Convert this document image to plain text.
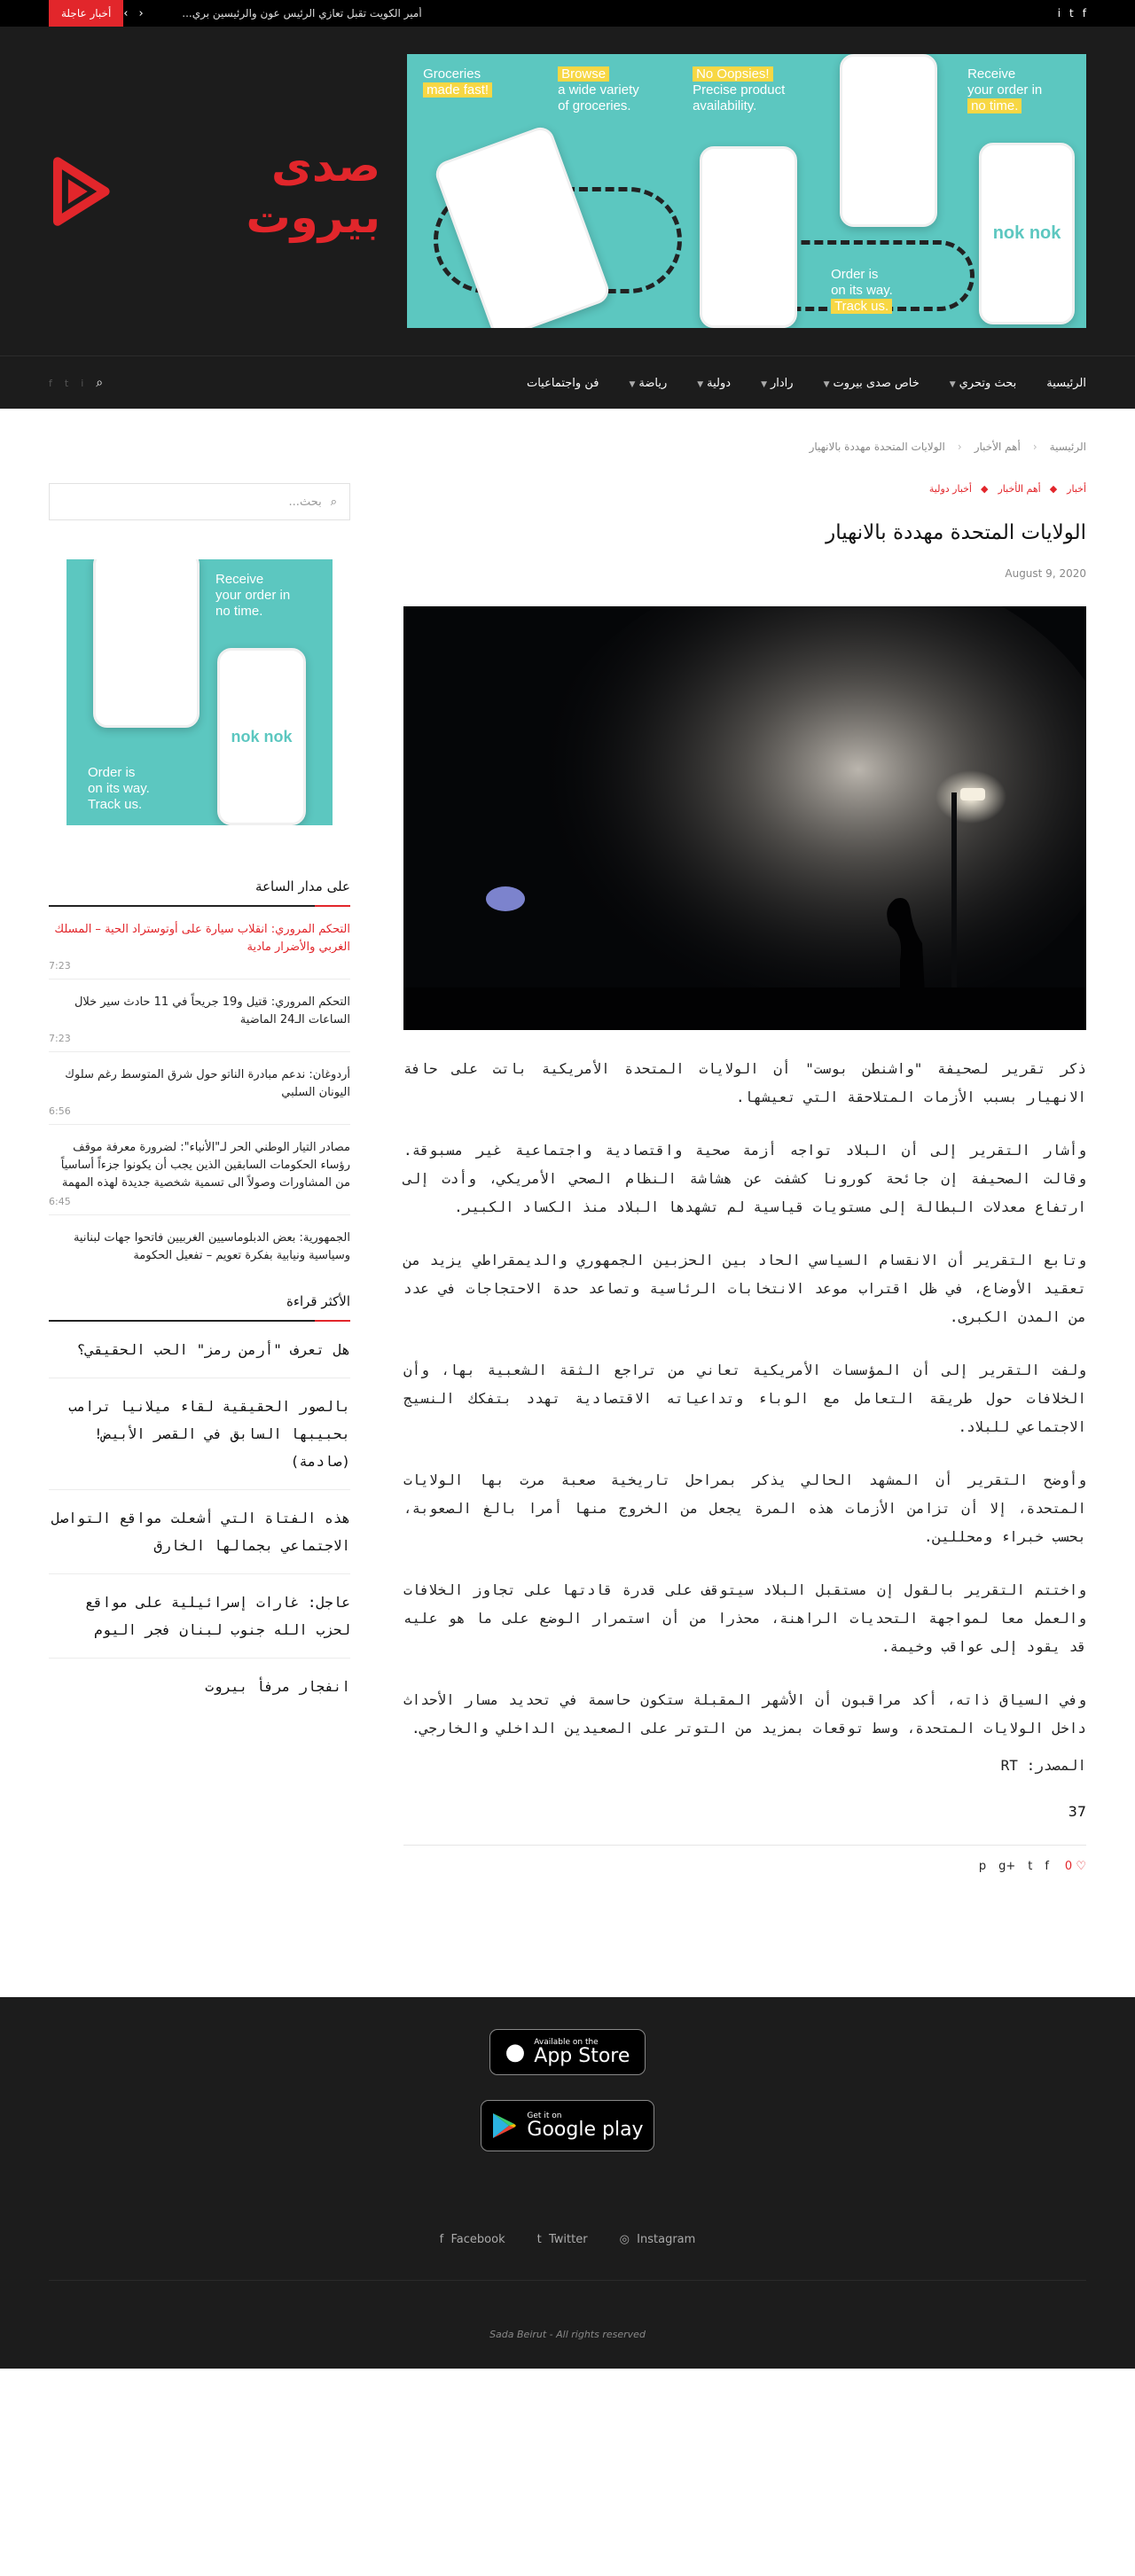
أخبار عاجلة	‹ ›	أمير الكويت تقبل تعازي الرئيس عون والرئيسين بري...	i t f
صدى بيروت
Groceries
made fast!
Browse
a wide variety
of groceries.
No Oopsies!
Precise product
availability.
Receive
your order in
no time.
Order is
on its way.
Track us.
nok nok
الرئيسية
بحث وتحري▼
خاص صدى بيروت▼
رادار▼
دولية▼
رياضة▼
فن واجتماعيات
f t i ⌕
الرئيسية
‹
أهم الأخبار
‹
الولايات المتحدة مهددة بالانهيار
أخبار
◆
أهم الأخبار
◆
أخبار دولية
الولايات المتحدة مهددة بالانهيار
August 9, 2020

ذكر تقرير لصحيفة "واشنطن بوست" أن الولايات المتحدة الأمريكية باتت على حافة الانهيار بسبب الأزمات المتلاحقة التي تعيشها.

وأشار التقرير إلى أن البلاد تواجه أزمة صحية واقتصادية واجتماعية غير مسبوقة. وقالت الصحيفة إن جائحة كورونا كشفت عن هشاشة النظام الصحي الأمريكي، وأدت إلى ارتفاع معدلات البطالة إلى مستويات قياسية لم تشهدها البلاد منذ الكساد الكبير.

وتابع التقرير أن الانقسام السياسي الحاد بين الحزبين الجمهوري والديمقراطي يزيد من تعقيد الأوضاع، في ظل اقتراب موعد الانتخابات الرئاسية وتصاعد حدة الاحتجاجات في عدد من المدن الكبرى.

ولفت التقرير إلى أن المؤسسات الأمريكية تعاني من تراجع الثقة الشعبية بها، وأن الخلافات حول طريقة التعامل مع الوباء وتداعياته الاقتصادية تهدد بتفكك النسيج الاجتماعي للبلاد.

وأوضح التقرير أن المشهد الحالي يذكر بمراحل تاريخية صعبة مرت بها الولايات المتحدة، إلا أن تزامن الأزمات هذه المرة يجعل من الخروج منها أمرا بالغ الصعوبة، بحسب خبراء ومحللين.

واختتم التقرير بالقول إن مستقبل البلاد سيتوقف على قدرة قادتها على تجاوز الخلافات والعمل معا لمواجهة التحديات الراهنة، محذرا من أن استمرار الوضع على ما هو عليه قد يقود إلى عواقب وخيمة.

وفي السياق ذاته، أكد مراقبون أن الأشهر المقبلة ستكون حاسمة في تحديد مسار الأحداث داخل الولايات المتحدة، وسط توقعات بمزيد من التوتر على الصعيدين الداخلي والخارجي.

المصدر: RT

37
p g+ t f 0 ♡
⌕
بحث...
nok nok
Receive
your order in
no time.
Order is
on its way.
Track us.
على مدار الساعة
التحكم المروري: انقلاب سيارة على أوتوستراد الحية – المسلك الغربي والأضرار مادية
7:23
التحكم المروري: قتيل و19 جريحاً في 11 حادث سير خلال الساعات الـ24 الماضية
7:23
أردوغان: ندعم مبادرة الناتو حول شرق المتوسط رغم سلوك اليونان السلبي
6:56
مصادر التيار الوطني الحر لـ"الأنباء": لضرورة معرفة موقف رؤساء الحكومات السابقين الذين يجب أن يكونوا جزءاً أساسياً من المشاورات وصولاً الى تسمية شخصية جديدة لهذه المهمة
6:45
الجمهورية: بعض الدبلوماسيين الغربيين فاتحوا جهات لبنانية وسياسية ونيابية بفكرة تعويم – تفعيل الحكومة
الأكثر قراءة
هل تعرف "أرمن رمز" الحب الحقيقي؟
بالصور الحقيقية لقاء ميلانيا ترامب بحبيبها السابق في القصر الأبيض! (صادمة)
هذه الفتاة التي أشعلت مواقع التواصل الاجتماعي بجمالها الخارق
عاجل: غارات إسرائيلية على مواقع لحزب الله جنوب لبنان فجر اليوم
انفجار مرفأ بيروت
● Available on the
App Store
Get it on
Google play
f  Facebook	t  Twitter	◎  Instagram
Sada Beirut - All rights reserved
